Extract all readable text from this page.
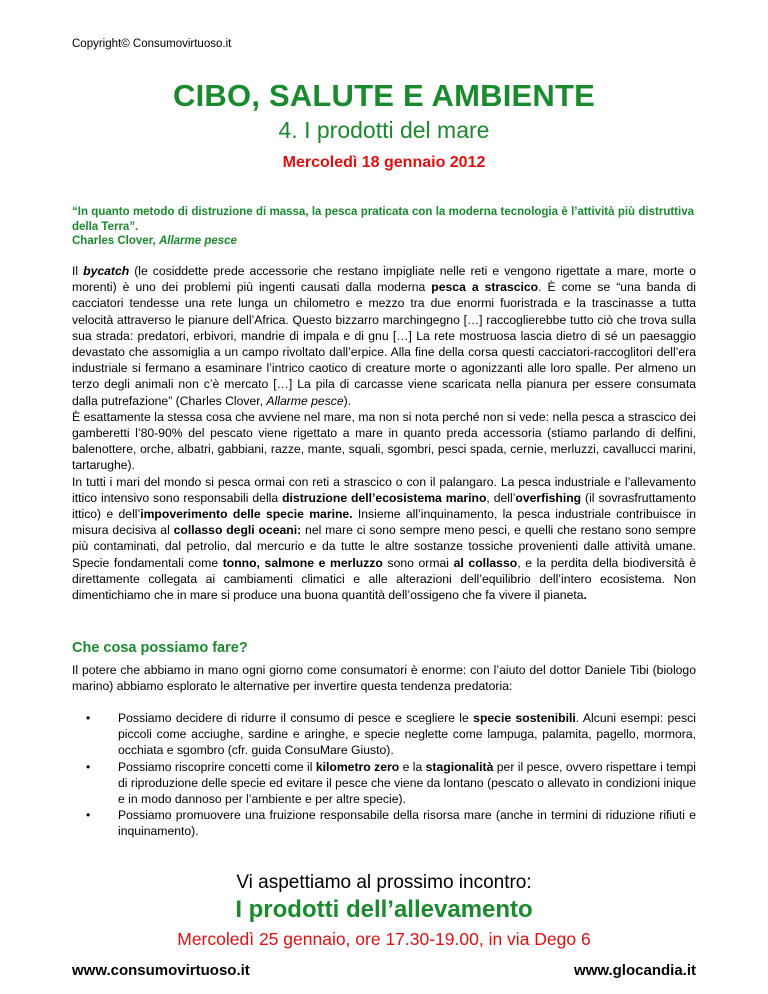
Copyright© Consumovirtuoso.it
CIBO, SALUTE E AMBIENTE
4. I prodotti del mare
Mercoledì 18 gennaio 2012
“In quanto metodo di distruzione di massa, la pesca praticata con la moderna tecnologia è l’attività più distruttiva della Terra”.
Charles Clover, Allarme pesce

Il bycatch (le cosiddette prede accessorie che restano impigliate nelle reti e vengono rigettate a mare, morte o morenti) è uno dei problemi più ingenti causati dalla moderna pesca a strascico. È come se “una banda di cacciatori tendesse una rete lunga un chilometro e mezzo tra due enormi fuoristrada e la trascinasse a tutta velocità attraverso le pianure dell’Africa. Questo bizzarro marchingegno […] raccoglierebbe tutto ciò che trova sulla sua strada: predatori, erbivori, mandrie di impala e di gnu […] La rete mostruosa lascia dietro di sé un paesaggio devastato che assomiglia a un campo rivoltato dall’erpice. Alla fine della corsa questi cacciatori-raccoglitori dell’era industriale si fermano a esaminare l’intrico caotico di creature morte o agonizzanti alle loro spalle. Per almeno un terzo degli animali non c’è mercato […] La pila di carcasse viene scaricata nella pianura per essere consumata dalla putrefazione” (Charles Clover, Allarme pesce).

È esattamente la stessa cosa che avviene nel mare, ma non si nota perché non si vede: nella pesca a strascico dei gamberetti l’80-90% del pescato viene rigettato a mare in quanto preda accessoria (stiamo parlando di delfini, balenottere, orche, albatri, gabbiani, razze, mante, squali, sgombri, pesci spada, cernie, merluzzi, cavallucci marini, tartarughe).

In tutti i mari del mondo si pesca ormai con reti a strascico o con il palangaro. La pesca industriale e l’allevamento ittico intensivo sono responsabili della distruzione dell’ecosistema marino, dell’overfishing (il sovrasfruttamento ittico) e dell’impoverimento delle specie marine. Insieme all’inquinamento, la pesca industriale contribuisce in misura decisiva al collasso degli oceani: nel mare ci sono sempre meno pesci, e quelli che restano sono sempre più contaminati, dal petrolio, dal mercurio e da tutte le altre sostanze tossiche provenienti dalle attività umane. Specie fondamentali come tonno, salmone e merluzzo sono ormai al collasso, e la perdita della biodiversità è direttamente collegata ai cambiamenti climatici e alle alterazioni dell’equilibrio dell’intero ecosistema. Non dimentichiamo che in mare si produce una buona quantità dell’ossigeno che fa vivere il pianeta.

Che cosa possiamo fare?
Il potere che abbiamo in mano ogni giorno come consumatori è enorme: con l’aiuto del dottor Daniele Tibi (biologo marino) abbiamo esplorato le alternative per invertire questa tendenza predatoria:
• Possiamo decidere di ridurre il consumo di pesce e scegliere le specie sostenibili. Alcuni esempi: pesci piccoli come acciughe, sardine e aringhe, e specie neglette come lampuga, palamita, pagello, mormora, occhiata e sgombro (cfr. guida ConsuMare Giusto).
• Possiamo riscoprire concetti come il kilometro zero e la stagionalità per il pesce, ovvero rispettare i tempi di riproduzione delle specie ed evitare il pesce che viene da lontano (pescato o allevato in condizioni inique e in modo dannoso per l’ambiente e per altre specie).
• Possiamo promuovere una fruizione responsabile della risorsa mare (anche in termini di riduzione rifiuti e inquinamento).
Vi aspettiamo al prossimo incontro:
I prodotti dell’allevamento
Mercoledì 25 gennaio, ore 17.30-19.00, in via Dego 6
www.consumovirtuoso.it	www.glocandia.it
